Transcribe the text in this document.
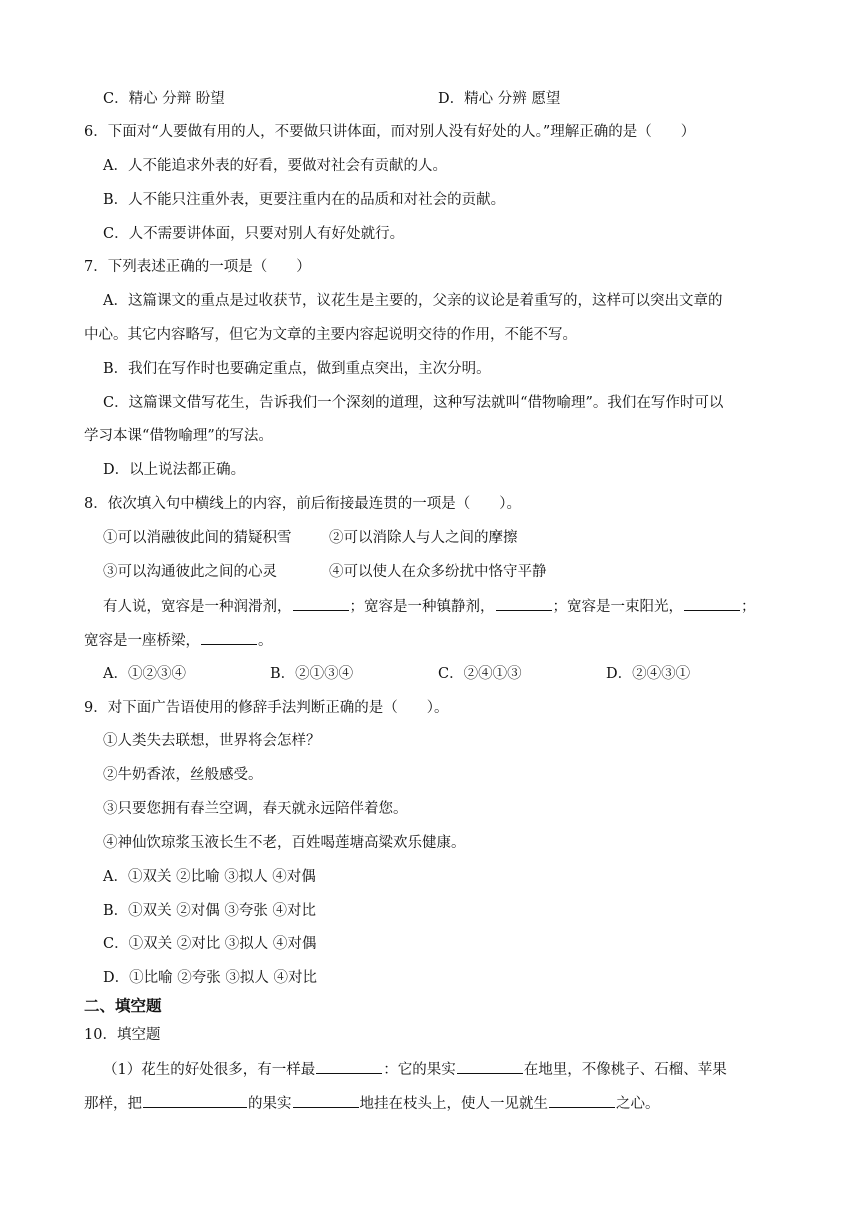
C．精心 分辩 盼望	D．精心 分辨 愿望
6．下面对“人要做有用的人，不要做只讲体面，而对别人没有好处的人。”理解正确的是（　　）
A．人不能追求外表的好看，要做对社会有贡献的人。
B．人不能只注重外表，更要注重内在的品质和对社会的贡献。
C．人不需要讲体面，只要对别人有好处就行。
7．下列表述正确的一项是（　　）
A．这篇课文的重点是过收获节，议花生是主要的，父亲的议论是着重写的，这样可以突出文章的
中心。其它内容略写，但它为文章的主要内容起说明交待的作用，不能不写。
B．我们在写作时也要确定重点，做到重点突出，主次分明。
C．这篇课文借写花生，告诉我们一个深刻的道理，这种写法就叫“借物喻理”。我们在写作时可以
学习本课“借物喻理”的写法。
D．以上说法都正确。
8．依次填入句中横线上的内容，前后衔接最连贯的一项是（　　）。
①可以消融彼此间的猜疑积雪	②可以消除人与人之间的摩擦
③可以沟通彼此之间的心灵	④可以使人在众多纷扰中恪守平静
有人说，宽容是一种润滑剂，	；宽容是一种镇静剂，	；宽容是一束阳光，	；
宽容是一座桥梁，	。
A．①②③④	B．②①③④	C．②④①③	D．②④③①
9．对下面广告语使用的修辞手法判断正确的是（　　）。
①人类失去联想，世界将会怎样？
②牛奶香浓，丝般感受。
③只要您拥有春兰空调，春天就永远陪伴着您。
④神仙饮琼浆玉液长生不老，百姓喝莲塘高粱欢乐健康。
A．①双关 ②比喻 ③拟人 ④对偶
B．①双关 ②对偶 ③夸张 ④对比
C．①双关 ②对比 ③拟人 ④对偶
D．①比喻 ②夸张 ③拟人 ④对比
二、填空题
10．填空题
（1）花生的好处很多，有一样最	：它的果实	在地里，不像桃子、石榴、苹果
那样，把	的果实	地挂在枝头上，使人一见就生	之心。
